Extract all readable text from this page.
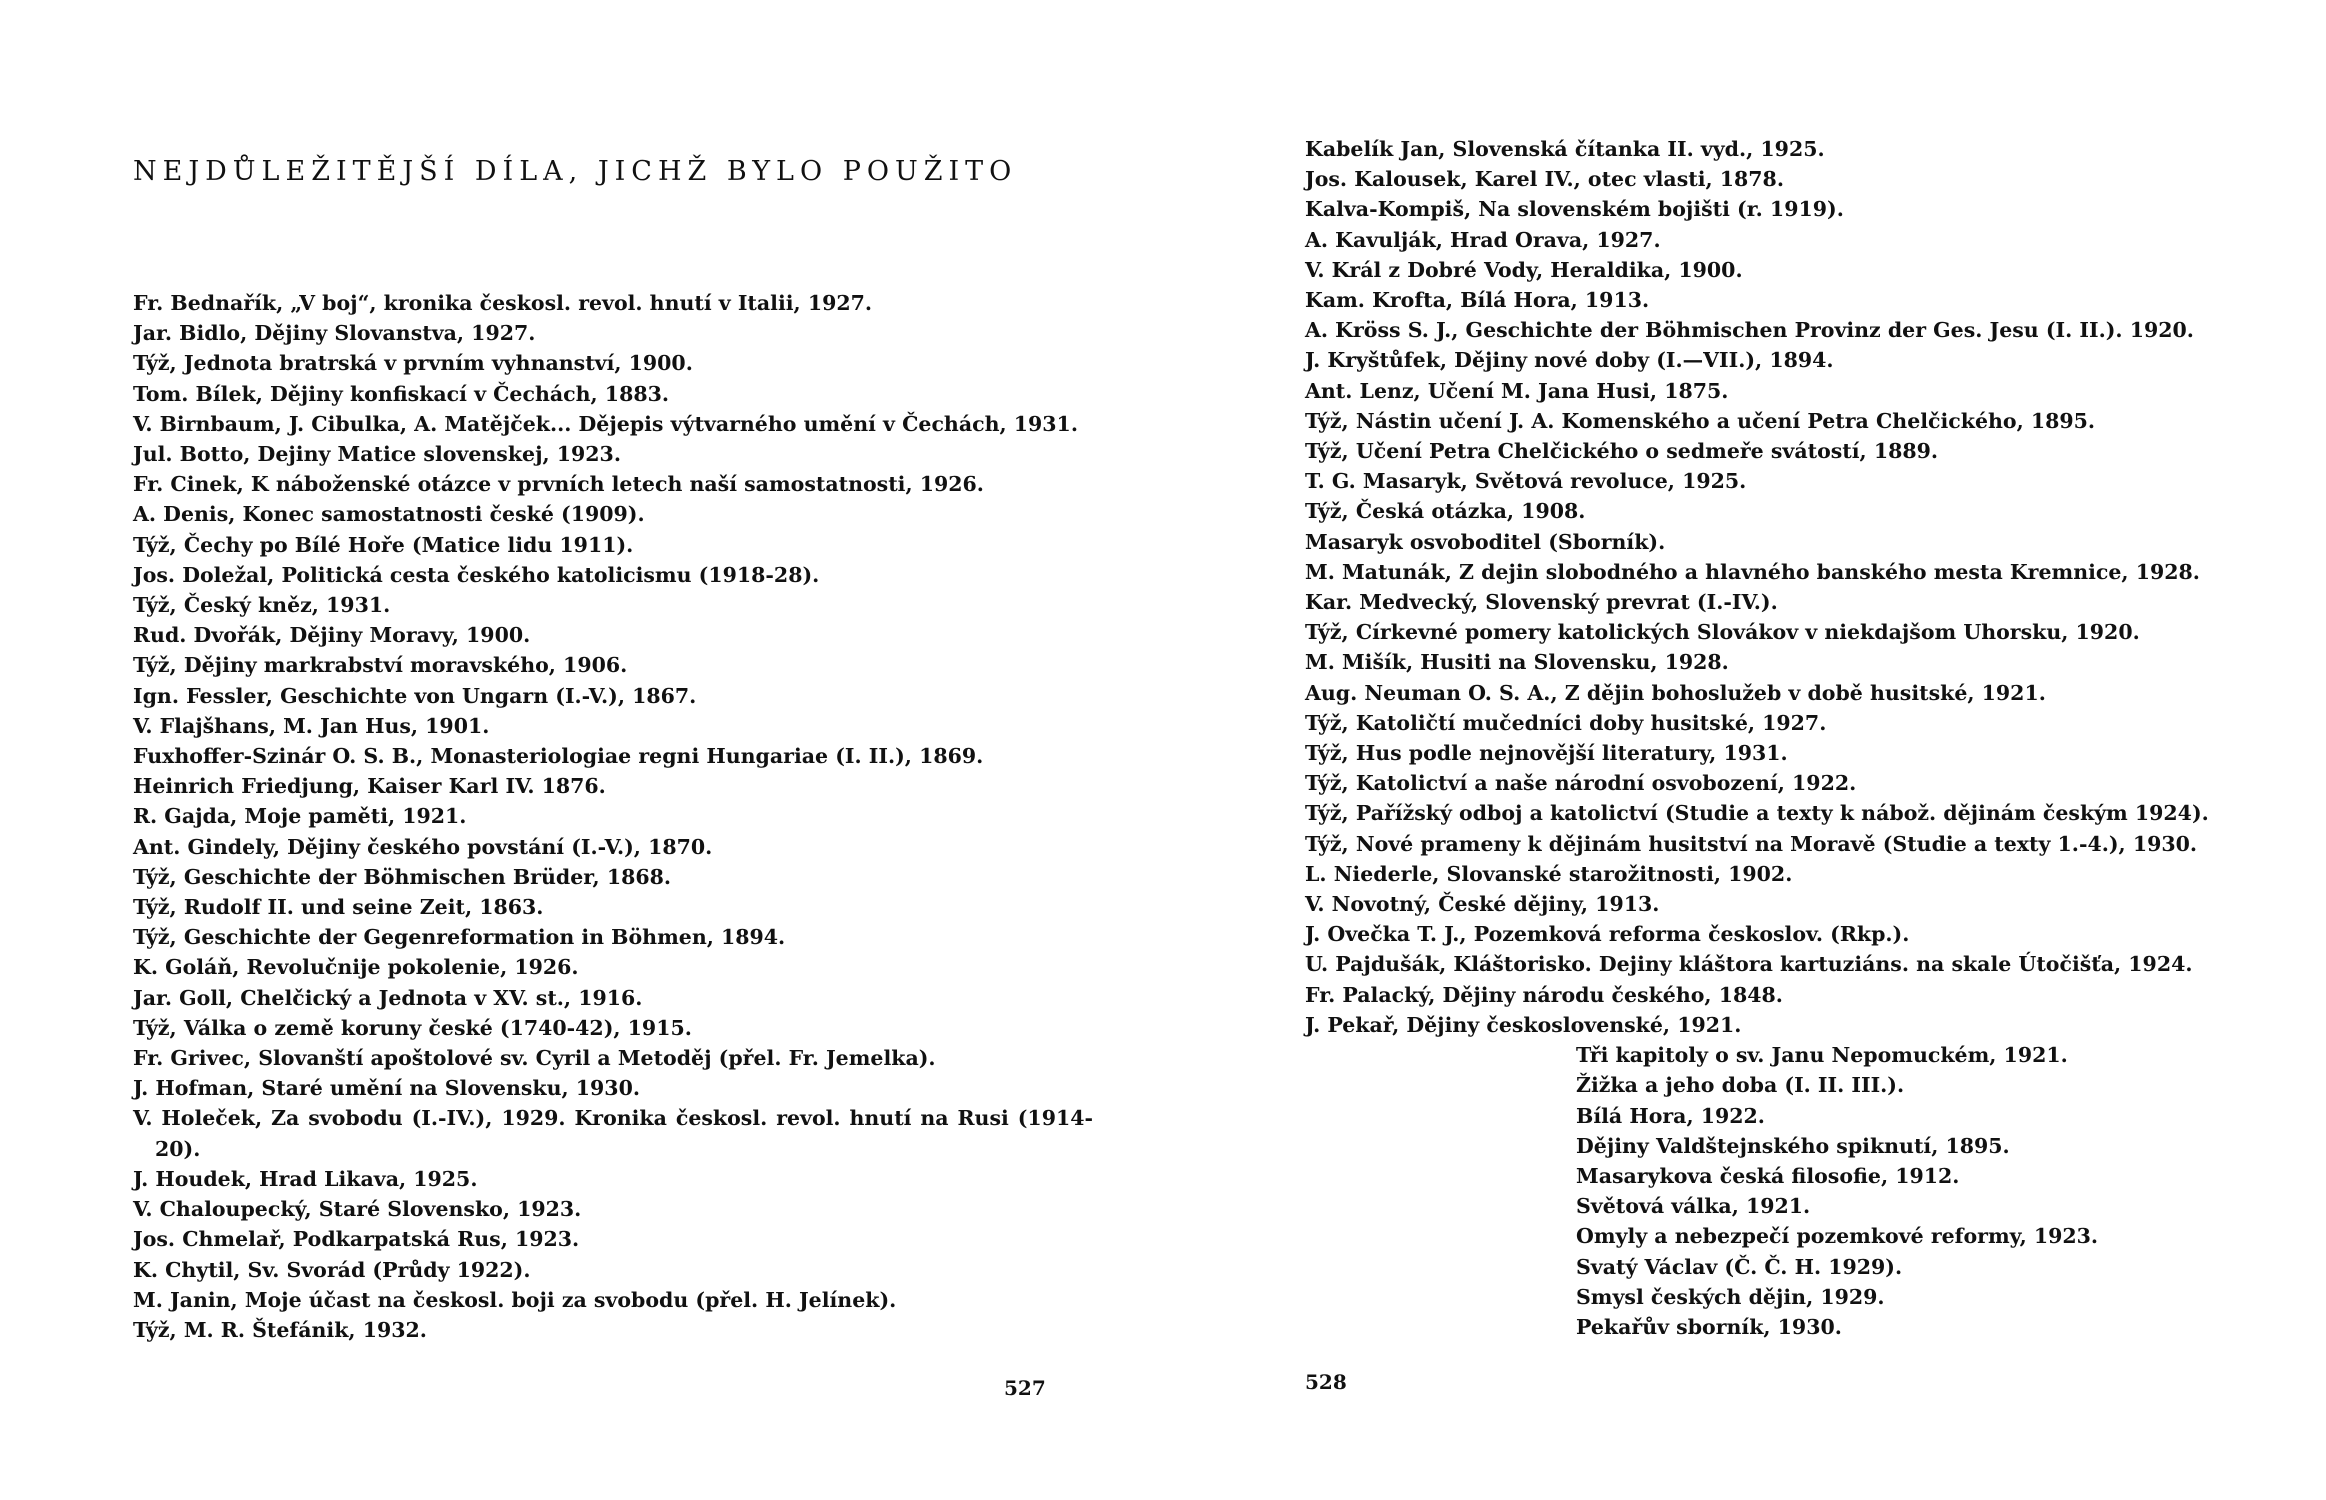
NEJDŮLEŽITĚJŠÍ DÍLA, JICHŽ BYLO POUŽITO
Fr. Bednařík, „V boj“, kronika českosl. revol. hnutí v Italii, 1927.
Jar. Bidlo, Dějiny Slovanstva, 1927.
Týž, Jednota bratrská v prvním vyhnanství, 1900.
Tom. Bílek, Dějiny konfiskací v Čechách, 1883.
V. Birnbaum, J. Cibulka, A. Matějček... Dějepis výtvarného umění v Čechách, 1931.
Jul. Botto, Dejiny Matice slovenskej, 1923.
Fr. Cinek, K náboženské otázce v prvních letech naší samostatnosti, 1926.
A. Denis, Konec samostatnosti české (1909).
Týž, Čechy po Bílé Hoře (Matice lidu 1911).
Jos. Doležal, Politická cesta českého katolicismu (1918-28).
Týž, Český kněz, 1931.
Rud. Dvořák, Dějiny Moravy, 1900.
Týž, Dějiny markrabství moravského, 1906.
Ign. Fessler, Geschichte von Ungarn (I.-V.), 1867.
V. Flajšhans, M. Jan Hus, 1901.
Fuxhoffer-Szinár O. S. B., Monasteriologiae regni Hungariae (I. II.), 1869.
Heinrich Friedjung, Kaiser Karl IV. 1876.
R. Gajda, Moje paměti, 1921.
Ant. Gindely, Dějiny českého povstání (I.-V.), 1870.
Týž, Geschichte der Böhmischen Brüder, 1868.
Týž, Rudolf II. und seine Zeit, 1863.
Týž, Geschichte der Gegenreformation in Böhmen, 1894.
K. Goláň, Revolučnije pokolenie, 1926.
Jar. Goll, Chelčický a Jednota v XV. st., 1916.
Týž, Válka o země koruny české (1740-42), 1915.
Fr. Grivec, Slovanští apoštolové sv. Cyril a Metoděj (přel. Fr. Jemelka).
J. Hofman, Staré umění na Slovensku, 1930.
V. Holeček, Za svobodu (I.-IV.), 1929. Kronika českosl. revol. hnutí na Rusi (1914-20).
J. Houdek, Hrad Likava, 1925.
V. Chaloupecký, Staré Slovensko, 1923.
Jos. Chmelař, Podkarpatská Rus, 1923.
K. Chytil, Sv. Svorád (Průdy 1922).
M. Janin, Moje účast na českosl. boji za svobodu (přel. H. Jelínek).
Týž, M. R. Štefánik, 1932.
527
Kabelík Jan, Slovenská čítanka II. vyd., 1925.
Jos. Kalousek, Karel IV., otec vlasti, 1878.
Kalva-Kompiš, Na slovenském bojišti (r. 1919).
A. Kavulják, Hrad Orava, 1927.
V. Král z Dobré Vody, Heraldika, 1900.
Kam. Krofta, Bílá Hora, 1913.
A. Kröss S. J., Geschichte der Böhmischen Provinz der Ges. Jesu (I. II.). 1920.
J. Kryštůfek, Dějiny nové doby (I.—VII.), 1894.
Ant. Lenz, Učení M. Jana Husi, 1875.
Týž, Nástin učení J. A. Komenského a učení Petra Chelčického, 1895.
Týž, Učení Petra Chelčického o sedmeře svátostí, 1889.
T. G. Masaryk, Světová revoluce, 1925.
Týž, Česká otázka, 1908.
Masaryk osvoboditel (Sborník).
M. Matunák, Z dejin slobodného a hlavného banského mesta Kremnice, 1928.
Kar. Medvecký, Slovenský prevrat (I.-IV.).
Týž, Církevné pomery katolických Slovákov v niekdajšom Uhorsku, 1920.
M. Mišík, Husiti na Slovensku, 1928.
Aug. Neuman O. S. A., Z dějin bohoslužeb v době husitské, 1921.
Týž, Katoličtí mučedníci doby husitské, 1927.
Týž, Hus podle nejnovější literatury, 1931.
Týž, Katolictví a naše národní osvobození, 1922.
Týž, Pařížský odboj a katolictví (Studie a texty k nábož. dějinám českým 1924).
Týž, Nové prameny k dějinám husitství na Moravě (Studie a texty 1.-4.), 1930.
L. Niederle, Slovanské starožitnosti, 1902.
V. Novotný, České dějiny, 1913.
J. Ovečka T. J., Pozemková reforma českoslov. (Rkp.).
U. Pajdušák, Kláštorisko. Dejiny kláštora kartuziáns. na skale Útočišťa, 1924.
Fr. Palacký, Dějiny národu českého, 1848.
J. Pekař, Dějiny československé, 1921.
Tři kapitoly o sv. Janu Nepomuckém, 1921.
Žižka a jeho doba (I. II. III.).
Bílá Hora, 1922.
Dějiny Valdštejnského spiknutí, 1895.
Masarykova česká filosofie, 1912.
Světová válka, 1921.
Omyly a nebezpečí pozemkové reformy, 1923.
Svatý Václav (Č. Č. H. 1929).
Smysl českých dějin, 1929.
Pekařův sborník, 1930.
528
